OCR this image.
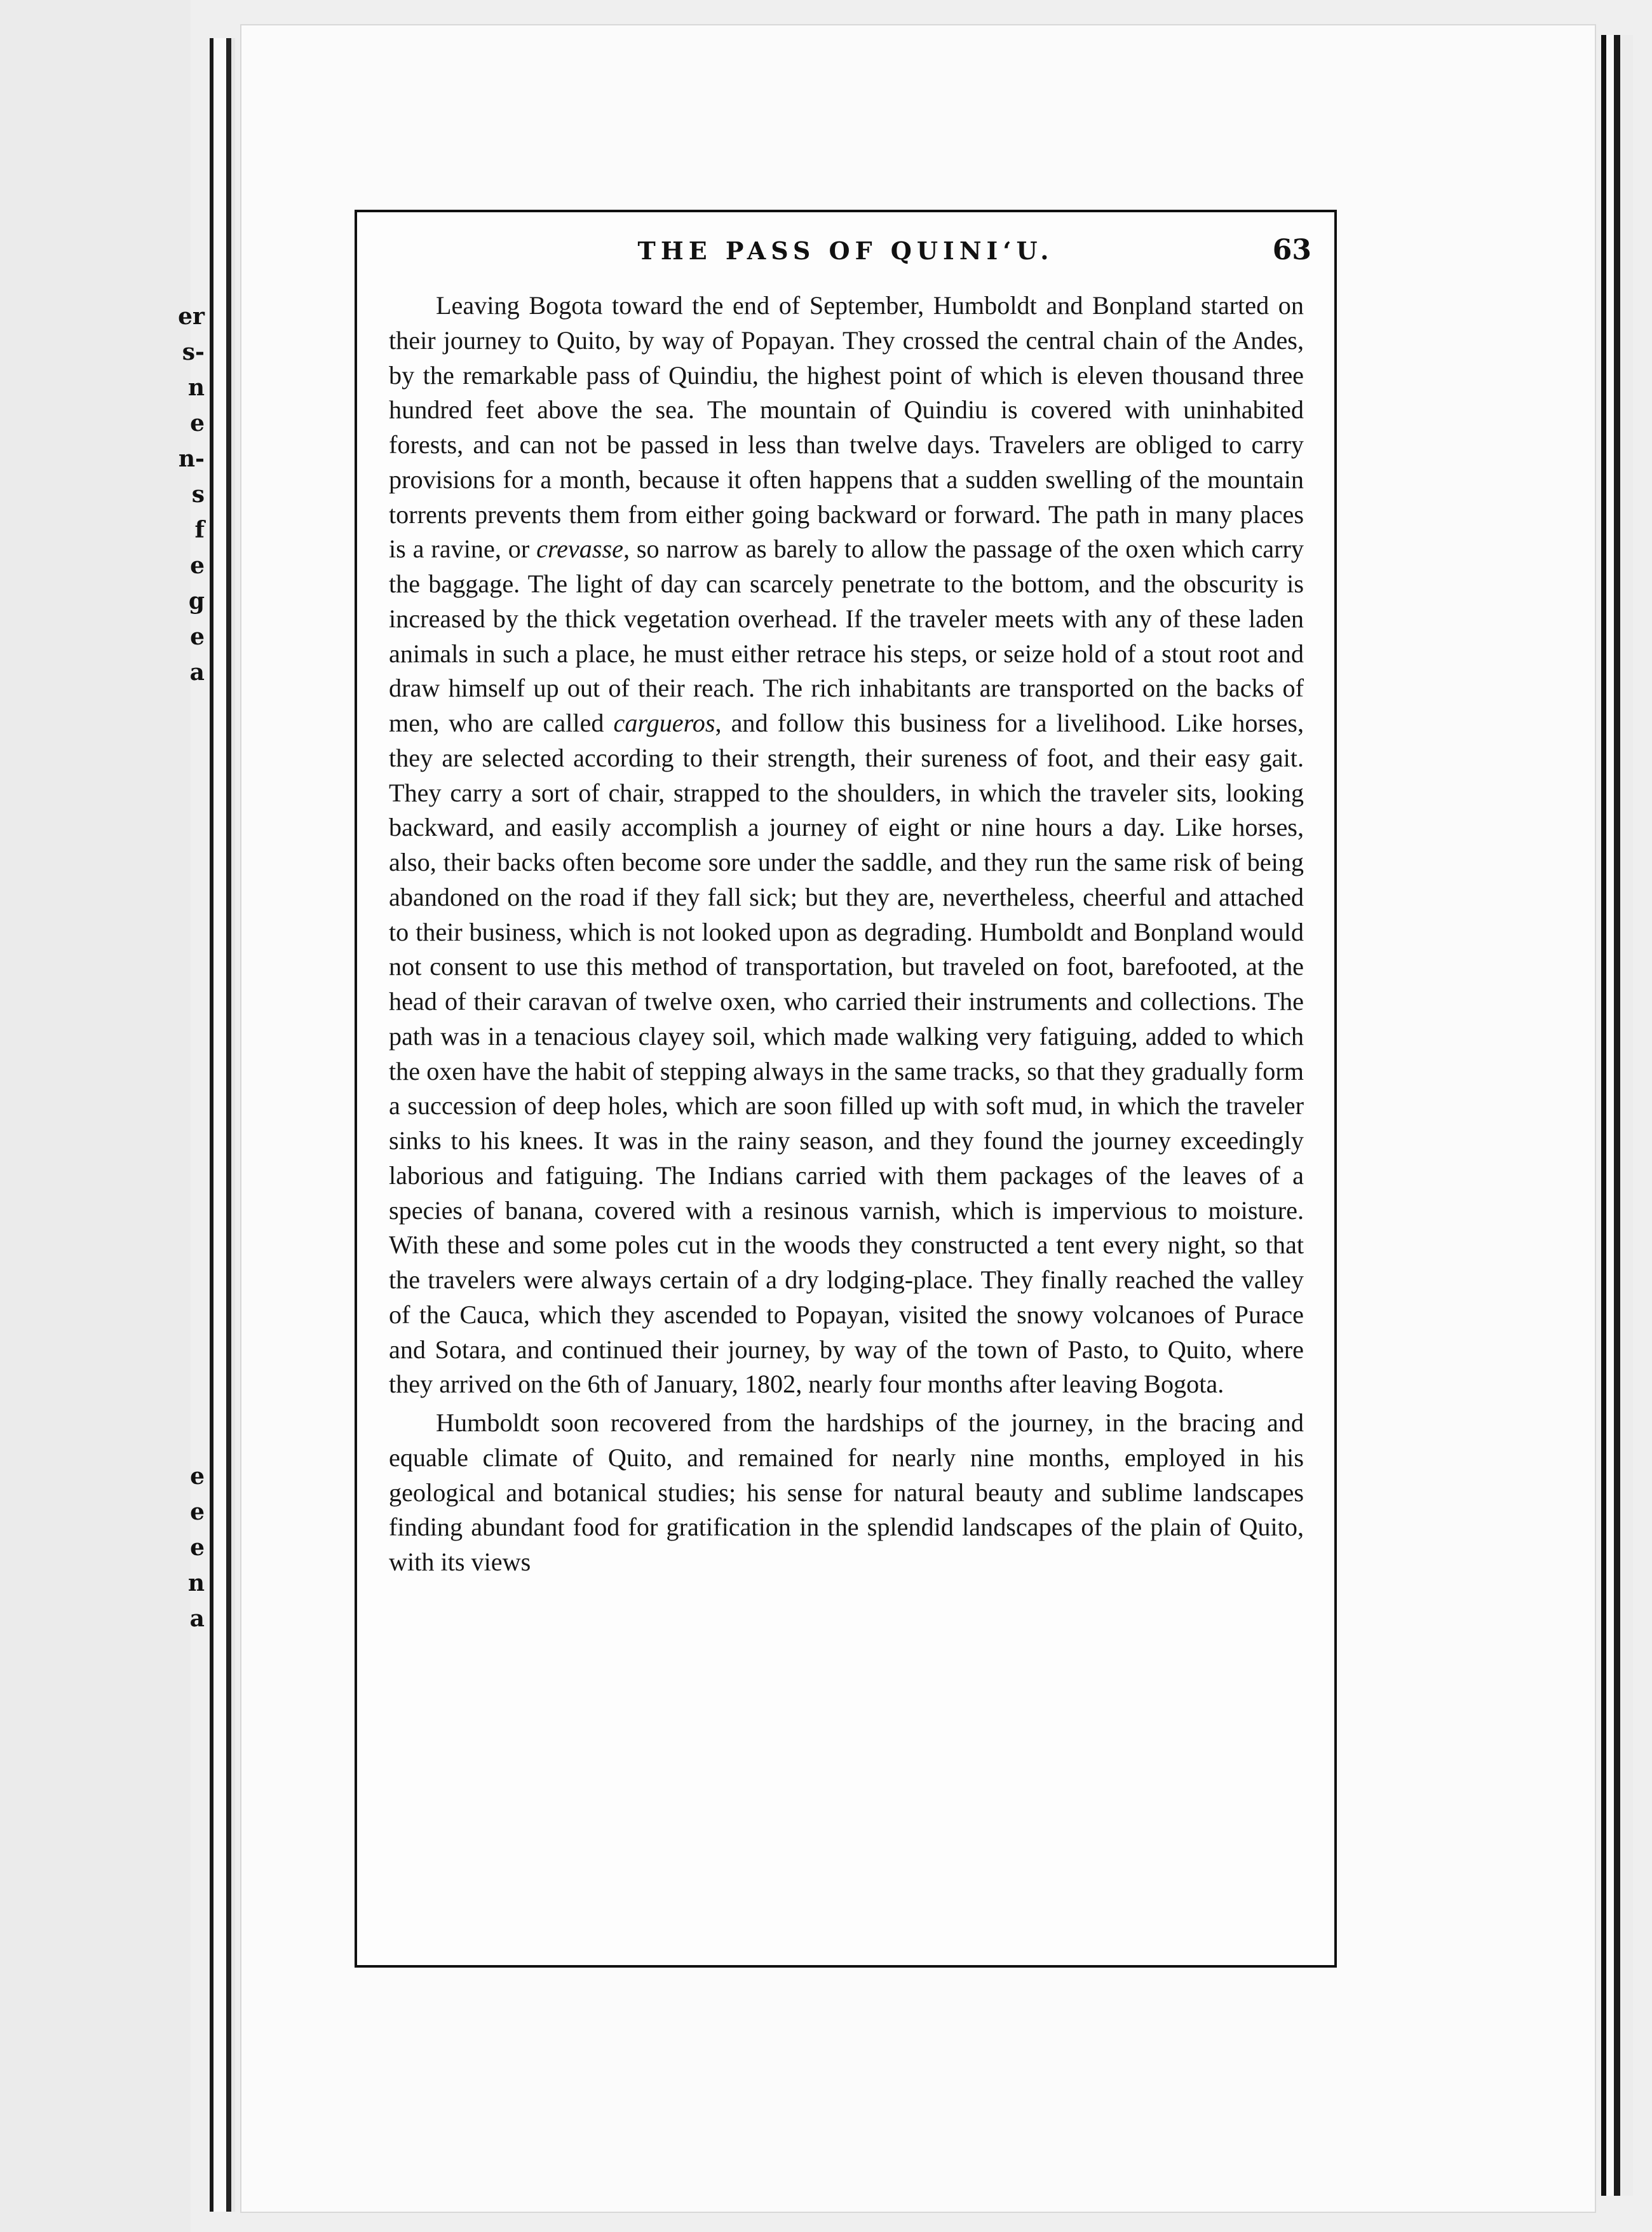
er
s-
n
e
n-
s
f
e
g
e
a
e
e
e
n
a
THE PASS OF QUINIʻU.	63

Leaving Bogota toward the end of September, Humboldt and Bonpland started on their journey to Quito, by way of Popayan. They crossed the central chain of the Andes, by the remarkable pass of Quindiu, the highest point of which is eleven thousand three hundred feet above the sea. The mountain of Quindiu is covered with uninhabited forests, and can not be passed in less than twelve days. Travelers are obliged to carry provisions for a month, because it often happens that a sudden swelling of the mountain torrents prevents them from either going backward or forward. The path in many places is a ravine, or crevasse, so narrow as barely to allow the passage of the oxen which carry the baggage. The light of day can scarcely penetrate to the bottom, and the obscurity is increased by the thick vegetation overhead. If the traveler meets with any of these laden animals in such a place, he must either retrace his steps, or seize hold of a stout root and draw himself up out of their reach. The rich inhabitants are transported on the backs of men, who are called cargueros, and follow this business for a livelihood. Like horses, they are selected according to their strength, their sureness of foot, and their easy gait. They carry a sort of chair, strapped to the shoulders, in which the traveler sits, looking backward, and easily accomplish a journey of eight or nine hours a day. Like horses, also, their backs often become sore under the saddle, and they run the same risk of being abandoned on the road if they fall sick; but they are, nevertheless, cheerful and attached to their business, which is not looked upon as degrading. Humboldt and Bonpland would not consent to use this method of transportation, but traveled on foot, barefooted, at the head of their caravan of twelve oxen, who carried their instruments and collections. The path was in a tenacious clayey soil, which made walking very fatiguing, added to which the oxen have the habit of stepping always in the same tracks, so that they gradually form a succession of deep holes, which are soon filled up with soft mud, in which the traveler sinks to his knees. It was in the rainy season, and they found the journey exceedingly laborious and fatiguing. The Indians carried with them packages of the leaves of a species of banana, covered with a resinous varnish, which is impervious to moisture. With these and some poles cut in the woods they constructed a tent every night, so that the travelers were always certain of a dry lodging-place. They finally reached the valley of the Cauca, which they ascended to Popayan, visited the snowy volcanoes of Purace and Sotara, and continued their journey, by way of the town of Pasto, to Quito, where they arrived on the 6th of January, 1802, nearly four months after leaving Bogota.

Humboldt soon recovered from the hardships of the journey, in the bracing and equable climate of Quito, and remained for nearly nine months, employed in his geological and botanical studies; his sense for natural beauty and sublime landscapes finding abundant food for gratification in the splendid landscapes of the plain of Quito, with its views
